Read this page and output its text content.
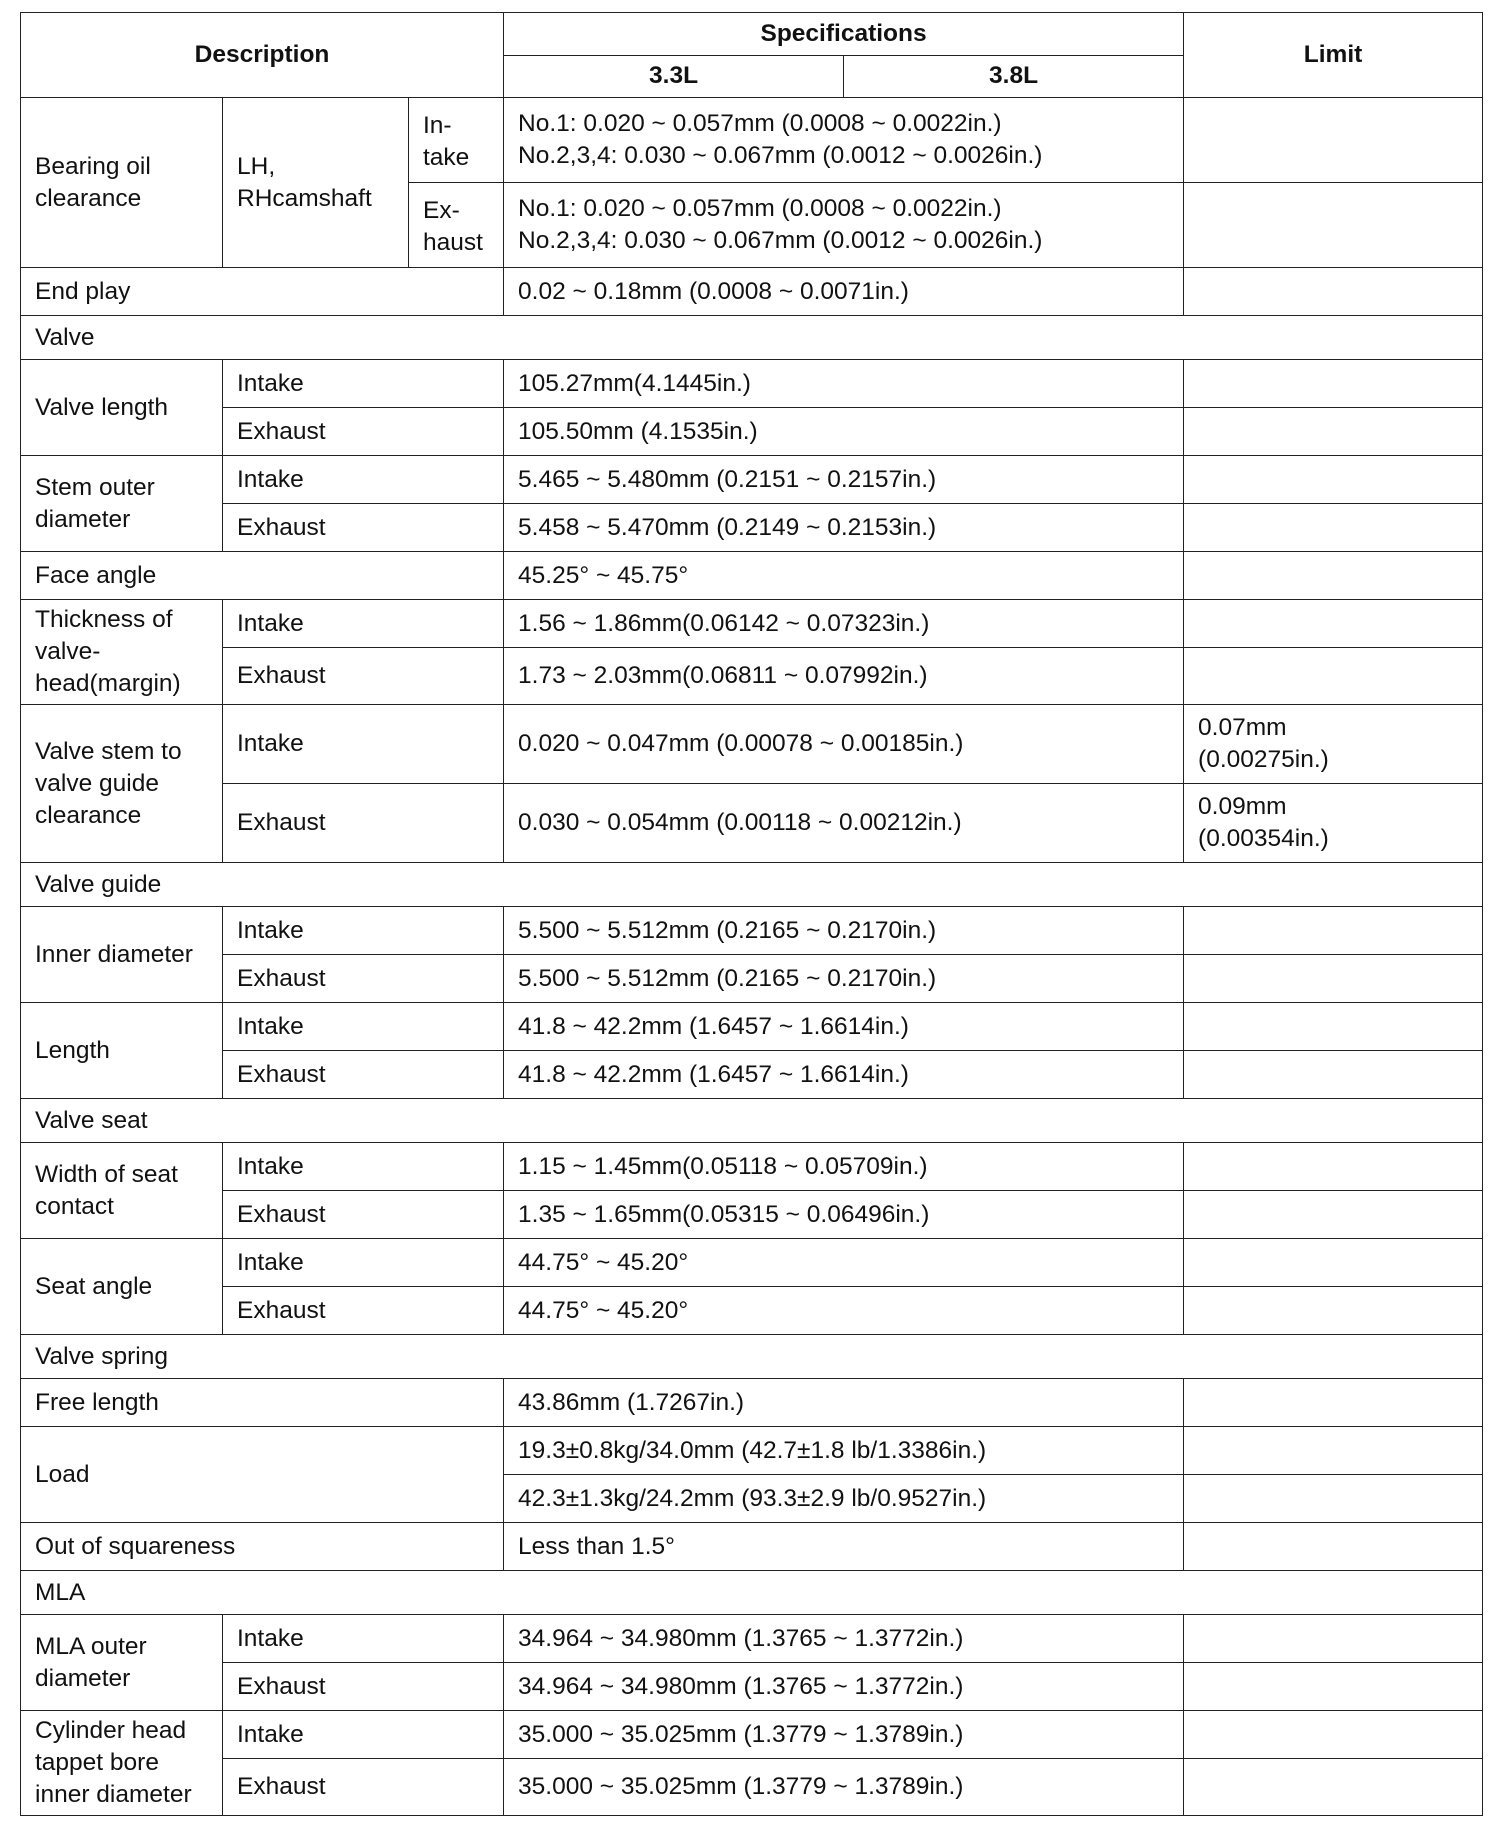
Description			Specifications		Limit
			3.3L	3.8L	
Bearing oil clearance	LH, RHcamshaft	In-take	No.1: 0.020 ~ 0.057mm (0.0008 ~ 0.0022in.)
No.2,3,4: 0.030 ~ 0.067mm (0.0012 ~ 0.0026in.)		

		Ex-haust	No.1: 0.020 ~ 0.057mm (0.0008 ~ 0.0022in.)
No.2,3,4: 0.030 ~ 0.067mm (0.0012 ~ 0.0026in.)		

End play			0.02 ~ 0.18mm (0.0008 ~ 0.0071in.)		
Valve					
Valve length	Intake		105.27mm(4.1445in.)		
	Exhaust		105.50mm (4.1535in.)		
Stem outer diameter	Intake		5.465 ~ 5.480mm (0.2151 ~ 0.2157in.)		
	Exhaust		5.458 ~ 5.470mm (0.2149 ~ 0.2153in.)		
Face angle			45.25° ~ 45.75°		
Thickness of valve-head(margin)	Intake		1.56 ~ 1.86mm(0.06142 ~ 0.07323in.)		
	Exhaust		1.73 ~ 2.03mm(0.06811 ~ 0.07992in.)		
Valve stem to valve guide clearance	Intake		0.020 ~ 0.047mm (0.00078 ~ 0.00185in.)		0.07mm
(0.00275in.)

	Exhaust		0.030 ~ 0.054mm (0.00118 ~ 0.00212in.)		0.09mm
(0.00354in.)

Valve guide					
Inner diameter	Intake		5.500 ~ 5.512mm (0.2165 ~ 0.2170in.)		
	Exhaust		5.500 ~ 5.512mm (0.2165 ~ 0.2170in.)		
Length	Intake		41.8 ~ 42.2mm (1.6457 ~ 1.6614in.)		
	Exhaust		41.8 ~ 42.2mm (1.6457 ~ 1.6614in.)		
Valve seat					
Width of seat contact	Intake		1.15 ~ 1.45mm(0.05118 ~ 0.05709in.)		
	Exhaust		1.35 ~ 1.65mm(0.05315 ~ 0.06496in.)		
Seat angle	Intake		44.75° ~ 45.20°		
	Exhaust		44.75° ~ 45.20°		
Valve spring					
Free length			43.86mm (1.7267in.)		
Load			19.3±0.8kg/34.0mm (42.7±1.8 lb/1.3386in.)		
			42.3±1.3kg/24.2mm (93.3±2.9 lb/0.9527in.)		
Out of squareness			Less than 1.5°		
MLA					
MLA outer diameter	Intake		34.964 ~ 34.980mm (1.3765 ~ 1.3772in.)		
	Exhaust		34.964 ~ 34.980mm (1.3765 ~ 1.3772in.)		
Cylinder head tappet bore inner diameter	Intake		35.000 ~ 35.025mm (1.3779 ~ 1.3789in.)		
	Exhaust		35.000 ~ 35.025mm (1.3779 ~ 1.3789in.)		
